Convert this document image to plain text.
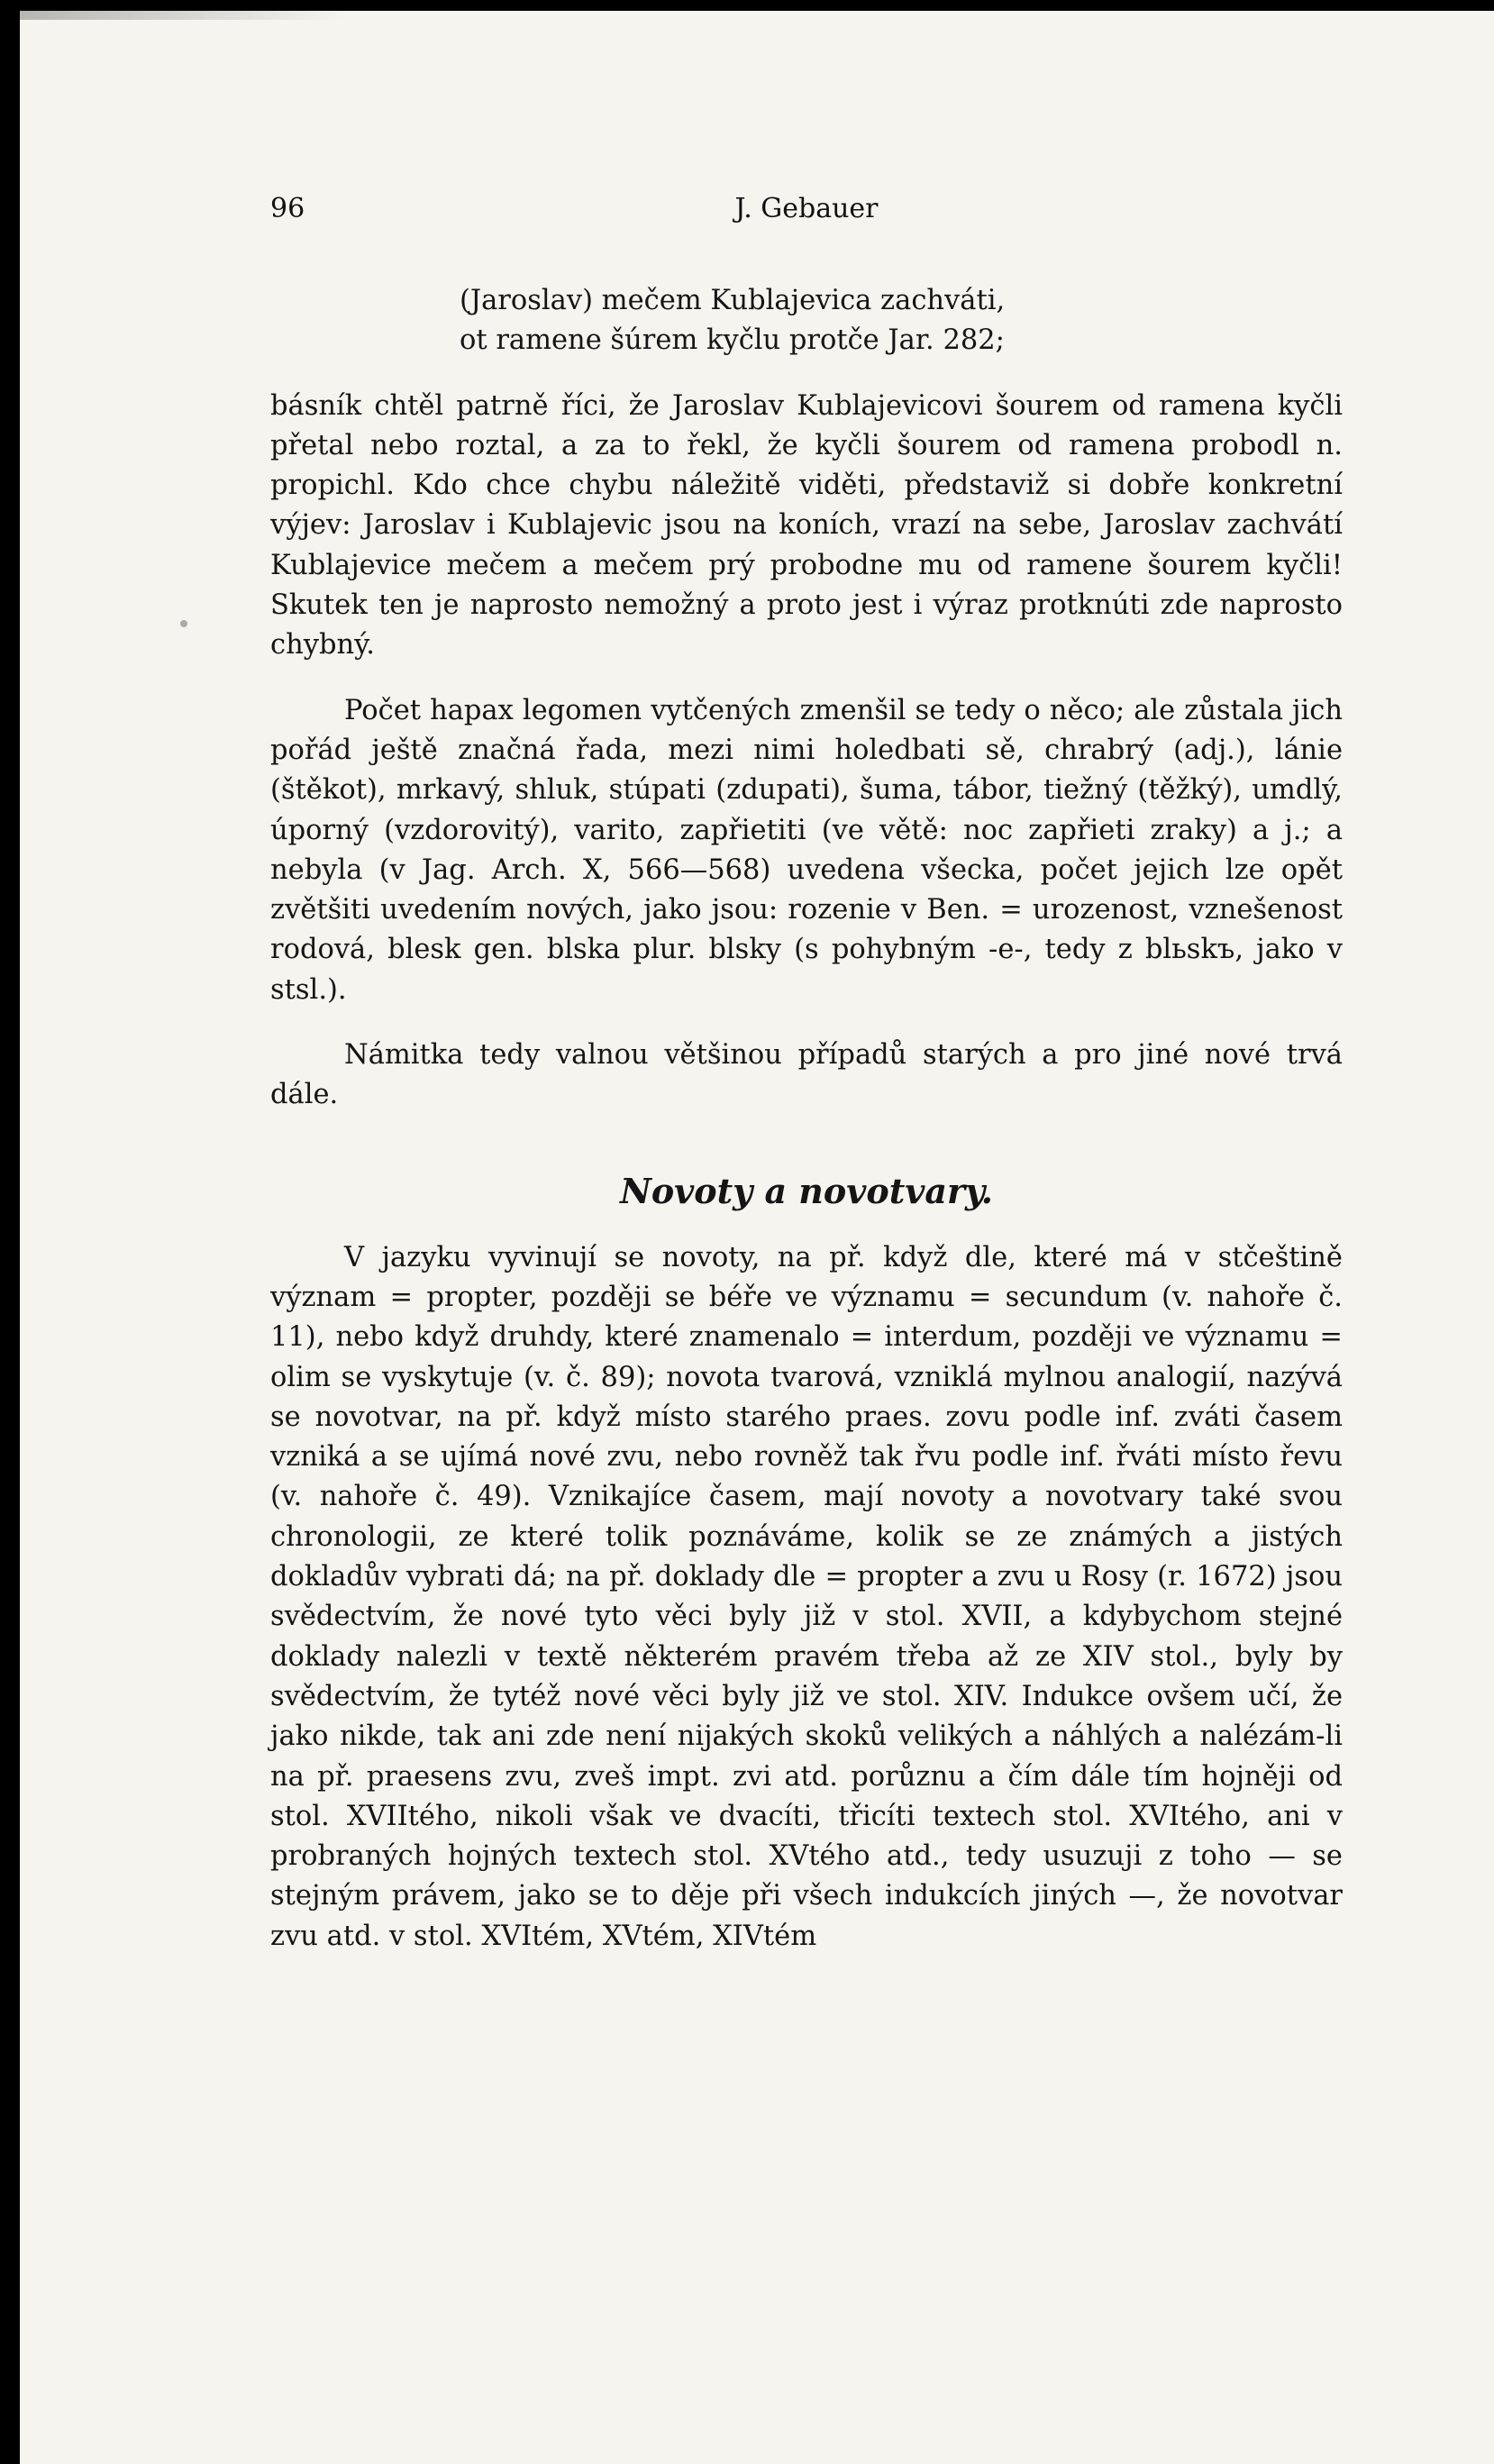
96	J. Gebauer

(Jaroslav) mečem Kublajevica zachváti,
ot ramene šúrem kyčlu protče Jar. 282;

básník chtěl patrně říci, že Jaroslav Kublajevicovi šourem od ramena kyčli přetal nebo roztal, a za to řekl, že kyčli šourem od ramena probodl n. propichl. Kdo chce chybu náležitě viděti, představiž si dobře konkretní výjev: Jaroslav i Kublajevic jsou na koních, vrazí na sebe, Jaroslav zachvátí Kublajevice mečem a mečem prý probodne mu od ramene šourem kyčli! Skutek ten je naprosto nemožný a proto jest i výraz protknúti zde naprosto chybný.

Počet hapax legomen vytčených zmenšil se tedy o něco; ale zůstala jich pořád ještě značná řada, mezi nimi holedbati sě, chrabrý (adj.), lánie (štěkot), mrkavý, shluk, stúpati (zdupati), šuma, tábor, tiežný (těžký), umdlý, úporný (vzdorovitý), varito, zapřietiti (ve větě: noc zapřieti zraky) a j.; a nebyla (v Jag. Arch. X, 566—568) uvedena všecka, počet jejich lze opět zvětšiti uvedením nových, jako jsou: rozenie v Ben. = urozenost, vznešenost rodová, blesk gen. blska plur. blsky (s pohybným -e-, tedy z blьskъ, jako v stsl.).

Námitka tedy valnou většinou případů starých a pro jiné nové trvá dále.

Novoty a novotvary.

V jazyku vyvinují se novoty, na př. když dle, které má v stčeštině význam = propter, později se béře ve významu = secundum (v. nahoře č. 11), nebo když druhdy, které znamenalo = interdum, později ve významu = olim se vyskytuje (v. č. 89); novota tvarová, vzniklá mylnou analogií, nazývá se novotvar, na př. když místo starého praes. zovu podle inf. zváti časem vzniká a se ujímá nové zvu, nebo rovněž tak řvu podle inf. řváti místo řevu (v. nahoře č. 49). Vznikajíce časem, mají novoty a novotvary také svou chronologii, ze které tolik poznáváme, kolik se ze známých a jistých dokladův vybrati dá; na př. doklady dle = propter a zvu u Rosy (r. 1672) jsou svědectvím, že nové tyto věci byly již v stol. XVII, a kdybychom stejné doklady nalezli v textě některém pravém třeba až ze XIV stol., byly by svědectvím, že tytéž nové věci byly již ve stol. XIV. Indukce ovšem učí, že jako nikde, tak ani zde není nijakých skoků velikých a náhlých a nalézám-li na př. praesens zvu, zveš impt. zvi atd. porůznu a čím dále tím hojněji od stol. XVIItého, nikoli však ve dvacíti, třicíti textech stol. XVItého, ani v probraných hojných textech stol. XVtého atd., tedy usuzuji z toho — se stejným právem, jako se to děje při všech indukcích jiných —, že novotvar zvu atd. v stol. XVItém, XVtém, XIVtém
